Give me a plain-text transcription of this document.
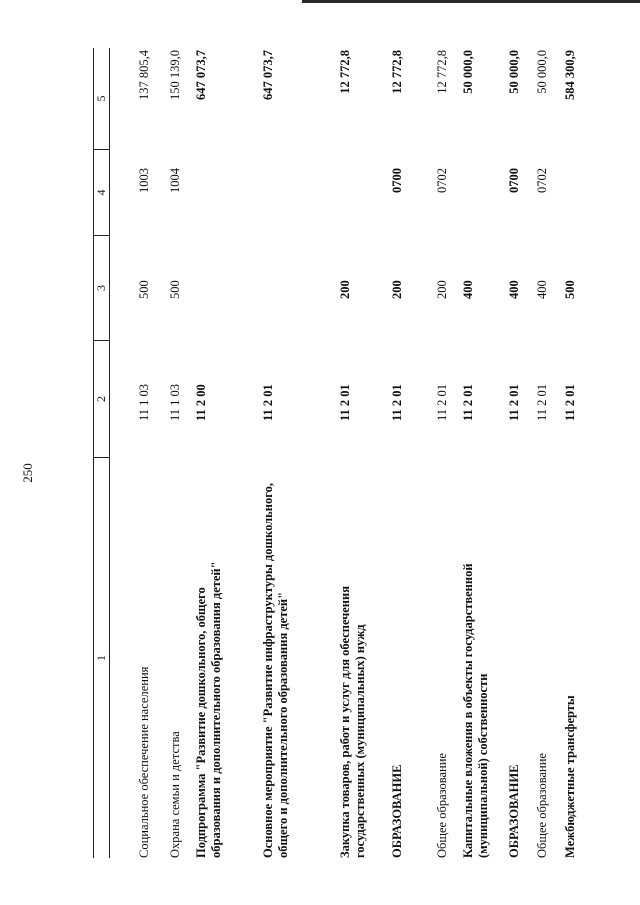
250
1
2
3
4
5
Социальное обеспечение населения
11 1 03
500
1003
137 805,4
Охрана семьи и детства
11 1 03
500
1004
150 139,0
Подпрограмма "Развитие дошкольного, общего образования и дополнительного образования детей"
11 2 00
647 073,7
Основное мероприятие "Развитие инфраструктуры дошкольного, общего и дополнительного образования детей"
11 2 01
647 073,7
Закупка товаров, работ и услуг для обеспечения государственных (муниципальных) нужд
11 2 01
200
12 772,8
ОБРАЗОВАНИЕ
11 2 01
200
0700
12 772,8
Общее образование
11 2 01
200
0702
12 772,8
Капитальные вложения в объекты государственной (муниципальной) собственности
11 2 01
400
50 000,0
ОБРАЗОВАНИЕ
11 2 01
400
0700
50 000,0
Общее образование
11 2 01
400
0702
50 000,0
Межбюджетные трансферты
11 2 01
500
584 300,9
